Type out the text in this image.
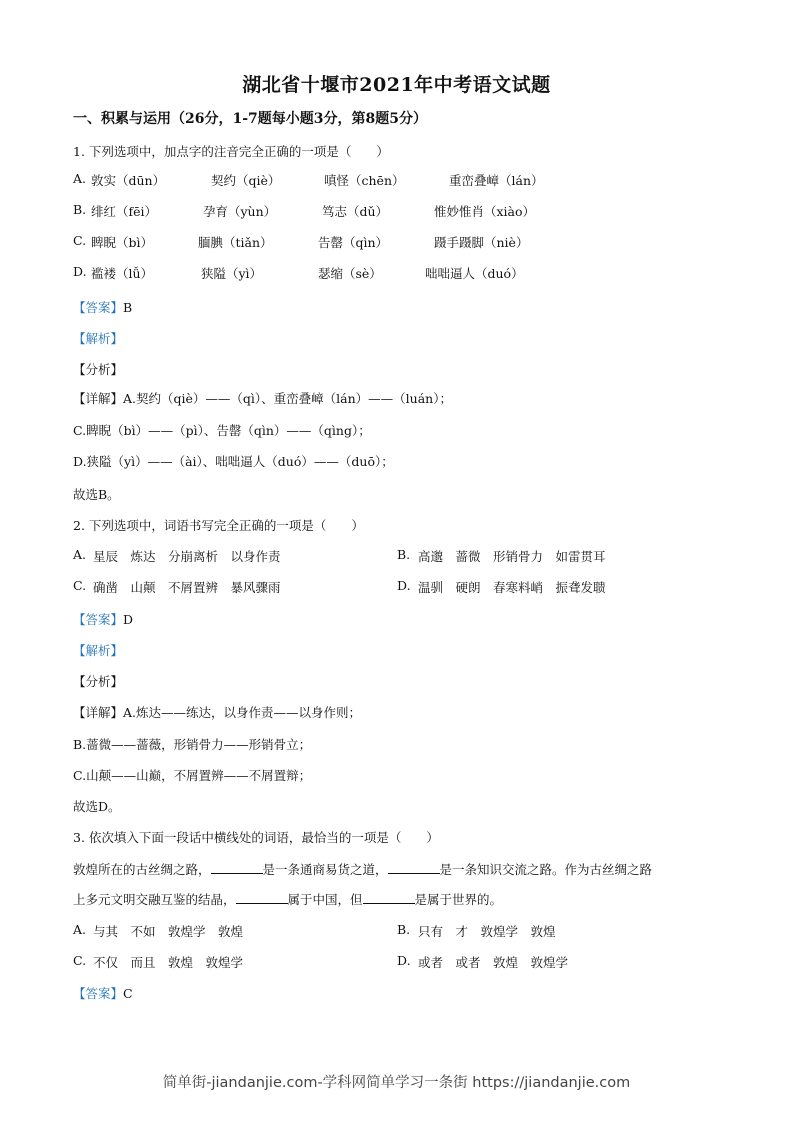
湖北省十堰市2021年中考语文试题
一、积累与运用（26分，1-7题每小题3分，第8题5分）
1. 下列选项中，加点字的注音完全正确的一项是（　　）
A. 敦实（dūn）	契约（qiè）	嗔怪（chēn）	重峦叠嶂（lán）
B. 绯红（fēi）	孕育（yùn）	笃志（dǔ）	惟妙惟肖（xiào）
C. 睥睨（bì）	腼腆（tiǎn）	告罄（qìn）	蹑手蹑脚（niè）
D. 褴褛（lǚ）	狭隘（yì）	瑟缩（sè）	咄咄逼人（duó）
【答案】B
【解析】
【分析】
【详解】A.契约（qiè）——（qì）、重峦叠嶂（lán）——（luán）；
C.睥睨（bì）——（pì）、告罄（qìn）——（qìng）；
D.狭隘（yì）——（ài）、咄咄逼人（duó）——（duō）；
故选B。
2. 下列选项中，词语书写完全正确的一项是（　　）
A. 星辰　炼达　分崩离析　以身作责	B. 高邈　蔷微　形销骨力　如雷贯耳
C. 确凿　山颠　不屑置辨　暴风骤雨	D. 温驯　硬朗　春寒料峭　振聋发聩
【答案】D
【解析】
【分析】
【详解】A.炼达——练达，以身作责——以身作则；
B.蔷微——蔷薇，形销骨力——形销骨立；
C.山颠——山巅，不屑置辨——不屑置辩；
故选D。
3. 依次填入下面一段话中横线处的词语，最恰当的一项是（　　）
敦煌所在的古丝绸之路，	是一条通商易货之道，	是一条知识交流之路。作为古丝绸之路
上多元文明交融互鉴的结晶，	属于中国，但	是属于世界的。
A. 与其　不如　敦煌学　敦煌	B. 只有　才　敦煌学　敦煌
C. 不仅　而且　敦煌　敦煌学	D. 或者　或者　敦煌　敦煌学
【答案】C
简单街-jiandanjie.com-学科网简单学习一条街 https://jiandanjie.com
